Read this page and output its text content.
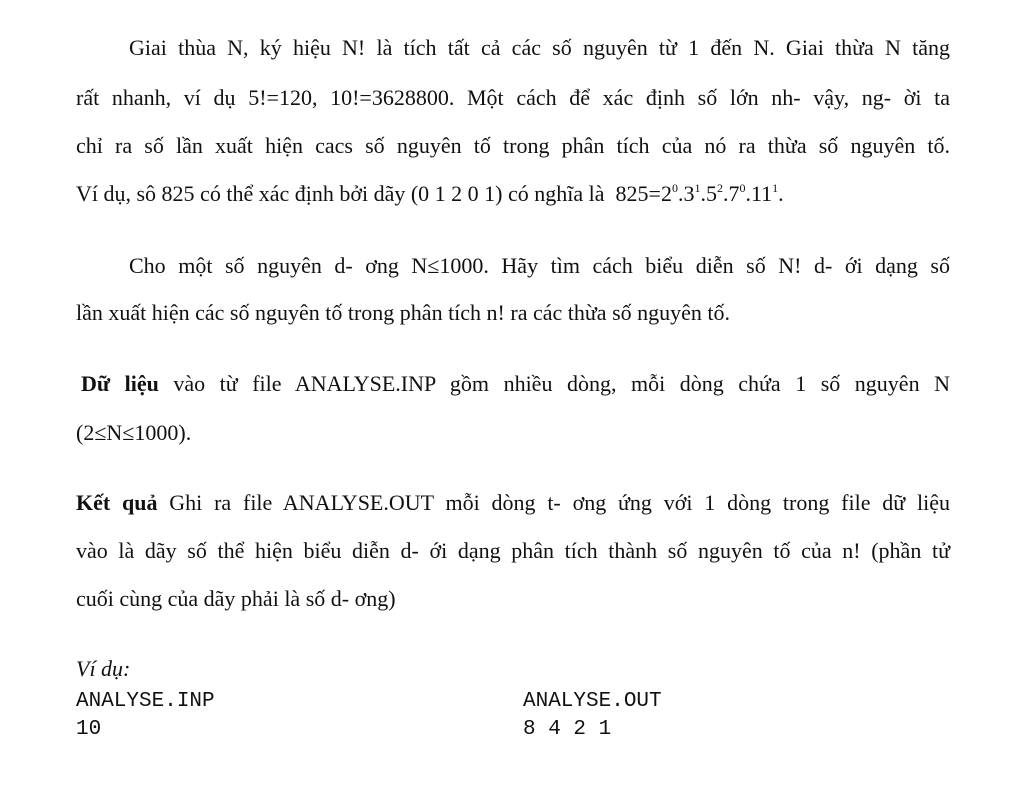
Giai thùa N, ký hiệu N! là tích tất cả các số nguyên từ 1 đến N. Giai thừa N tăng
rất nhanh, ví dụ 5!=120, 10!=3628800. Một cách để xác định số lớn nh- vậy, ng- ời ta
chỉ ra số lần xuất hiện cacs số nguyên tố trong phân tích của nó ra thừa số nguyên tố.
Ví dụ, sô 825 có thể xác định bởi dãy (0 1 2 0 1) có nghĩa là $825=2^0.3^1.5^2.7^0.11^1$.
Cho một số nguyên d- ơng N≤1000. Hãy tìm cách biểu diễn số N! d- ới dạng số
lần xuất hiện các số nguyên tố trong phân tích n! ra các thừa số nguyên tố.
Dữ liệu vào từ file ANALYSE.INP gồm nhiều dòng, mỗi dòng chứa 1 số nguyên N
(2≤N≤1000).
Kết quả Ghi ra file ANALYSE.OUT mỗi dòng t- ơng ứng với 1 dòng trong file dữ liệu
vào là dãy số thể hiện biểu diễn d- ới dạng phân tích thành số nguyên tố của n! (phần tử
cuối cùng của dãy phải là số d- ơng)
Ví dụ:
ANALYSE.INP
10
ANALYSE.OUT
8 4 2 1
